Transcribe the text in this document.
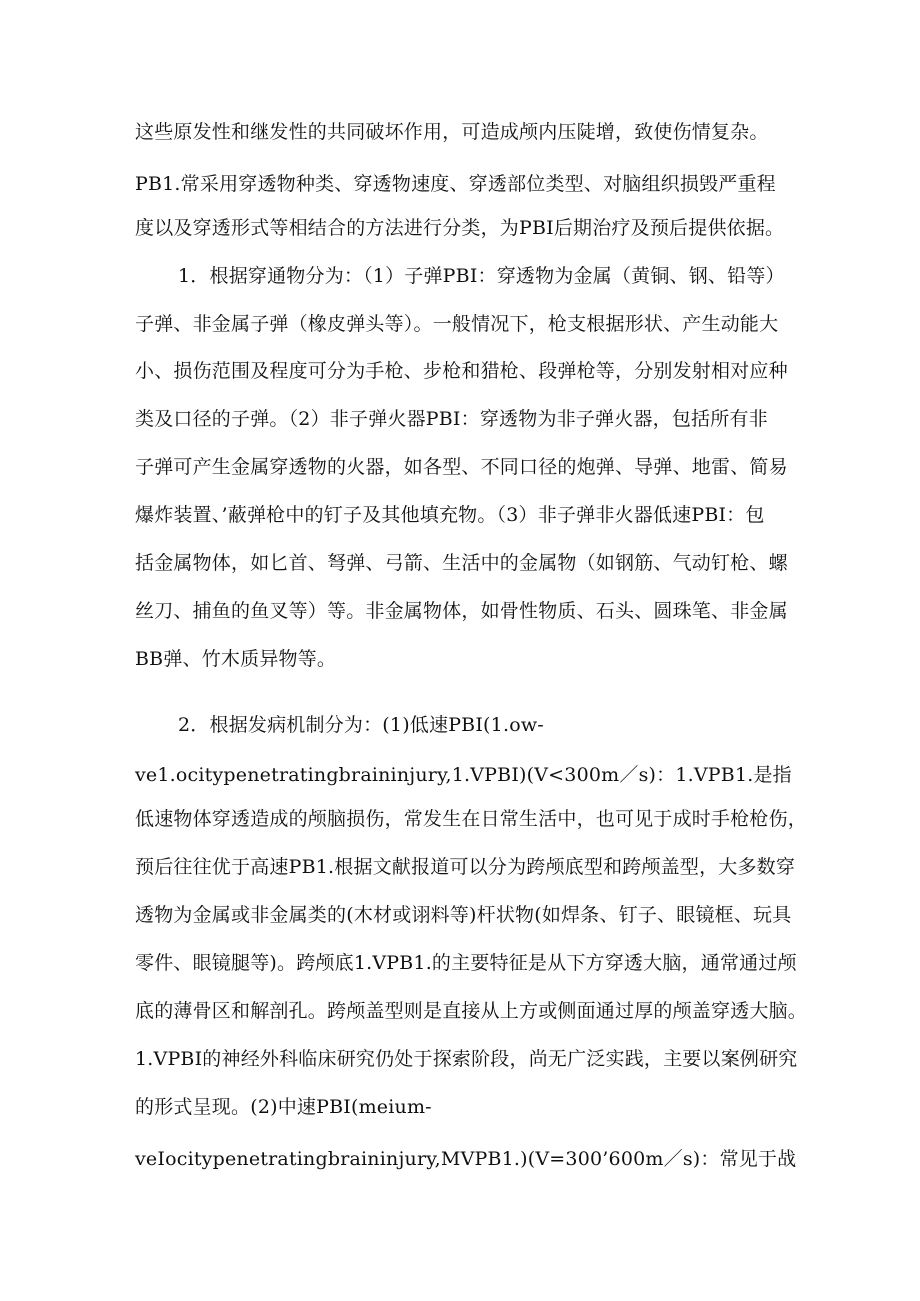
这些原发性和继发性的共同破坏作用，可造成颅内压陡增，致使伤情复杂。
PB1.常采用穿透物种类、穿透物速度、穿透部位类型、对脑组织损毁严重程
度以及穿透形式等相结合的方法进行分类，为PBI后期治疗及预后提供依据。
1．根据穿通物分为：（1）子弹PBI：穿透物为金属（黄铜、钢、铅等）
子弹、非金属子弹（橡皮弹头等）。一般情况下，枪支根据形状、产生动能大
小、损伤范围及程度可分为手枪、步枪和猎枪、段弹枪等，分别发射相对应种
类及口径的子弹。（2）非子弹火器PBI：穿透物为非子弹火器，包括所有非
子弹可产生金属穿透物的火器，如各型、不同口径的炮弹、导弹、地雷、简易
爆炸装置、’蔽弹枪中的钉子及其他填充物。（3）非子弹非火器低速PBI：包
括金属物体，如匕首、弩弹、弓箭、生活中的金属物（如钢筋、气动钉枪、螺
丝刀、捕鱼的鱼叉等）等。非金属物体，如骨性物质、石头、圆珠笔、非金属
BB弹、竹木质异物等。
2．根据发病机制分为：(1)低速PBI(1.ow-
ve1.ocitypenetratingbraininjury,1.VPBI)(V<300m／s)：1.VPB1.是指
低速物体穿透造成的颅脑损伤，常发生在日常生活中，也可见于成时手枪枪伤，
预后往往优于高速PB1.根据文献报道可以分为跨颅底型和跨颅盖型，大多数穿
透物为金属或非金属类的(木材或诩料等)杆状物(如焊条、钉子、眼镜框、玩具
零件、眼镜腿等)。跨颅底1.VPB1.的主要特征是从下方穿透大脑，通常通过颅
底的薄骨区和解剖孔。跨颅盖型则是直接从上方或侧面通过厚的颅盖穿透大脑。
1.VPBI的神经外科临床研究仍处于探索阶段，尚无广泛实践，主要以案例研究
的形式呈现。(2)中速PBI(meium-
veIocitypenetratingbraininjury,MVPB1.)(V=300’600m／s)：常见于战
